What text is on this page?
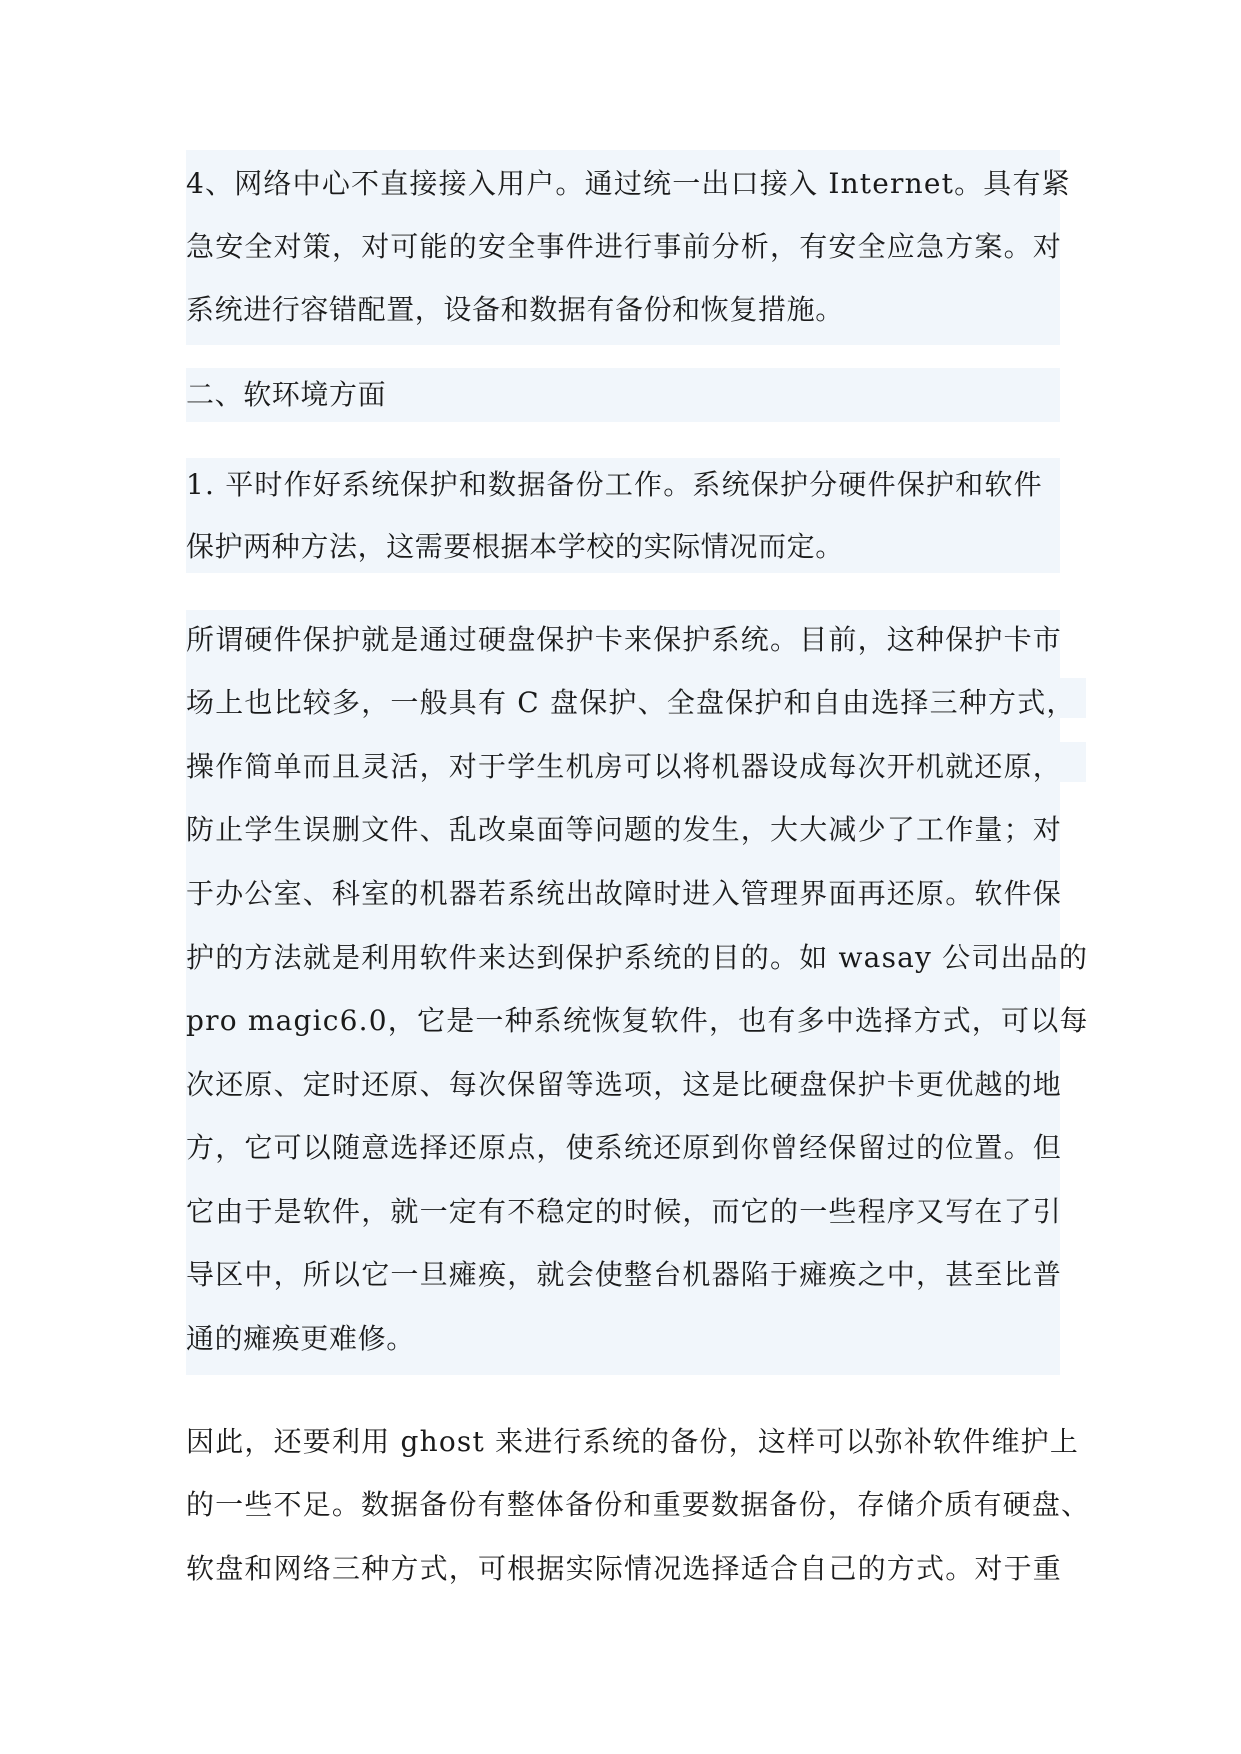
4、网络中心不直接接入用户。通过统一出口接入 Internet。具有紧
急安全对策，对可能的安全事件进行事前分析，有安全应急方案。对
系统进行容错配置，设备和数据有备份和恢复措施。
二、软环境方面
1. 平时作好系统保护和数据备份工作。系统保护分硬件保护和软件
保护两种方法，这需要根据本学校的实际情况而定。
所谓硬件保护就是通过硬盘保护卡来保护系统。目前，这种保护卡市
场上也比较多，一般具有 C 盘保护、全盘保护和自由选择三种方式，
操作简单而且灵活，对于学生机房可以将机器设成每次开机就还原，
防止学生误删文件、乱改桌面等问题的发生，大大减少了工作量；对
于办公室、科室的机器若系统出故障时进入管理界面再还原。软件保
护的方法就是利用软件来达到保护系统的目的。如 wasay 公司出品的
pro magic6.0，它是一种系统恢复软件，也有多中选择方式，可以每
次还原、定时还原、每次保留等选项，这是比硬盘保护卡更优越的地
方，它可以随意选择还原点，使系统还原到你曾经保留过的位置。但
它由于是软件，就一定有不稳定的时候，而它的一些程序又写在了引
导区中，所以它一旦瘫痪，就会使整台机器陷于瘫痪之中，甚至比普
通的瘫痪更难修。
因此，还要利用 ghost 来进行系统的备份，这样可以弥补软件维护上
的一些不足。数据备份有整体备份和重要数据备份，存储介质有硬盘、
软盘和网络三种方式，可根据实际情况选择适合自己的方式。对于重
